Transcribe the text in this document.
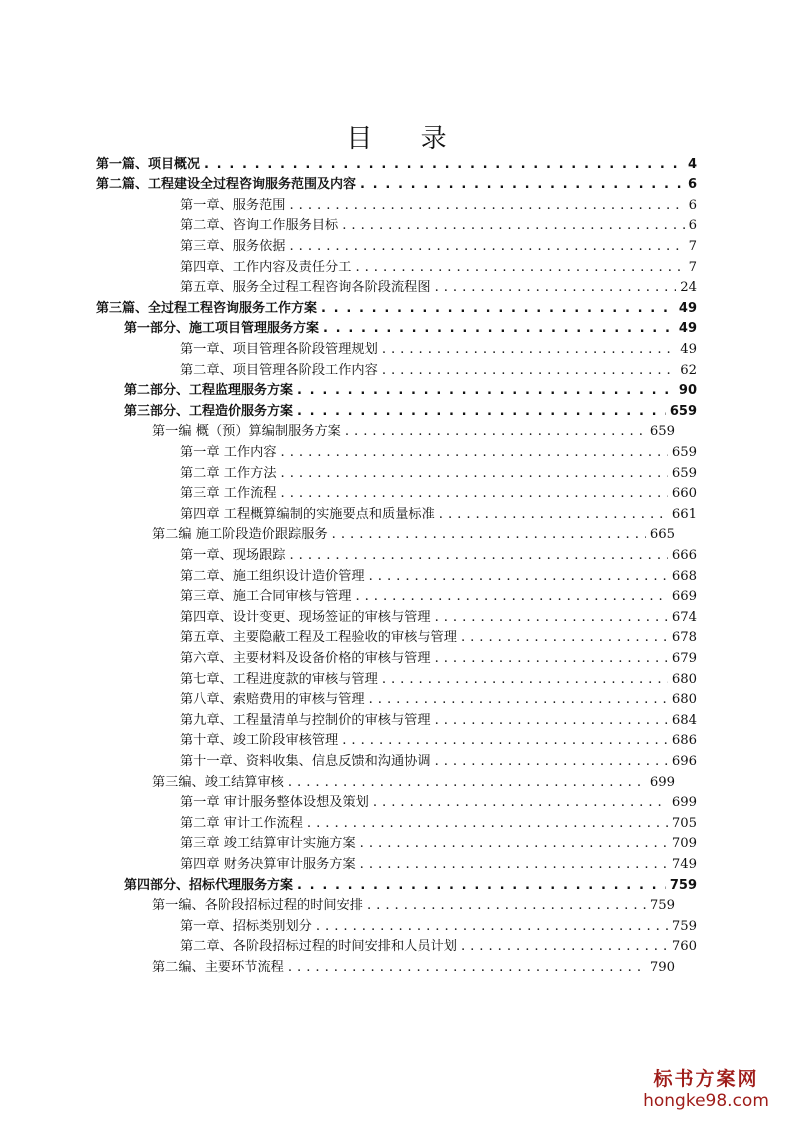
目 录
第一篇、项目概况 . . .	4
第二篇、工程建设全过程咨询服务范围及内容 . . .	6
第一章、服务范围 . . .	6
第二章、咨询工作服务目标 . . .	6
第三章、服务依据 . . .	7
第四章、工作内容及责任分工 . . .	7
第五章、服务全过程工程咨询各阶段流程图 . . .	24
第三篇、全过程工程咨询服务工作方案 . . .	49
第一部分、施工项目管理服务方案 . . .	49
第一章、项目管理各阶段管理规划 . . .	49
第二章、项目管理各阶段工作内容 . . .	62
第二部分、工程监理服务方案 . . .	90
第三部分、工程造价服务方案 . . .	659
第一编 概（预）算编制服务方案 . . .	659
第一章 工作内容 . . .	659
第二章 工作方法 . . .	659
第三章 工作流程 . . .	660
第四章 工程概算编制的实施要点和质量标准 . . .	661
第二编 施工阶段造价跟踪服务 . . .	665
第一章、现场跟踪 . . .	666
第二章、施工组织设计造价管理 . . .	668
第三章、施工合同审核与管理 . . .	669
第四章、设计变更、现场签证的审核与管理 . . .	674
第五章、主要隐蔽工程及工程验收的审核与管理 . . .	678
第六章、主要材料及设备价格的审核与管理 . . .	679
第七章、工程进度款的审核与管理 . . .	680
第八章、索赔费用的审核与管理 . . .	680
第九章、工程量清单与控制价的审核与管理 . . .	684
第十章、竣工阶段审核管理 . . .	686
第十一章、资料收集、信息反馈和沟通协调 . . .	696
第三编、竣工结算审核 . . .	699
第一章 审计服务整体设想及策划 . . .	699
第二章 审计工作流程 . . .	705
第三章 竣工结算审计实施方案 . . .	709
第四章 财务决算审计服务方案 . . .	749
第四部分、招标代理服务方案 . . .	759
第一编、各阶段招标过程的时间安排 . . .	759
第一章、招标类别划分 . . .	759
第二章、各阶段招标过程的时间安排和人员计划 . . .	760
第二编、主要环节流程 . . .	790
标书方案网
hongke98.com
